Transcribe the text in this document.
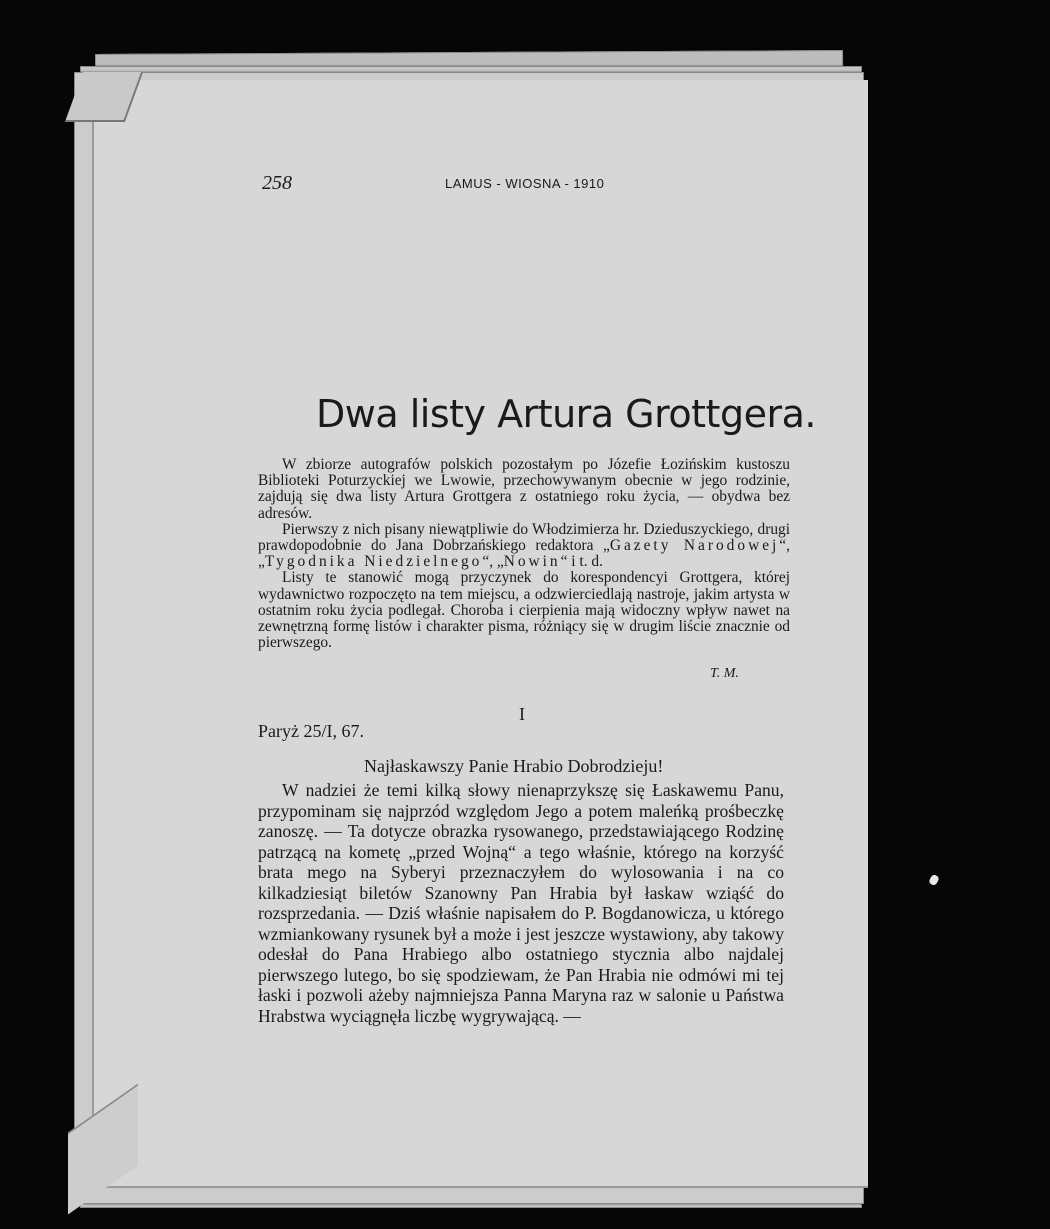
258	LAMUS - WIOSNA - 1910
Dwa listy Artura Grottgera.

W zbiorze autografów polskich pozostałym po Józefie Łozińskim kustoszu Biblioteki Poturzyckiej we Lwowie, przechowywanym obecnie w jego rodzinie, zajdują się dwa listy Artura Grottgera z ostatniego roku życia, — obydwa bez adresów.

Pierwszy z nich pisany niewątpliwie do Włodzimierza hr. Dzieduszyckiego, drugi prawdopodobnie do Jana Dobrzańskiego redaktora „Gazety Narodowej“, „Tygodnika Niedzielnego“, „Nowin“ i t. d.

Listy te stanowić mogą przyczynek do korespondencyi Grottgera, której wydawnictwo rozpoczęto na tem miejscu, a odzwierciedlają nastroje, jakim artysta w ostatnim roku życia podlegał. Choroba i cierpienia mają widoczny wpływ nawet na zewnętrzną formę listów i charakter pisma, różniący się w drugim liście znacznie od pierwszego.

T. M.
I
Paryż 25/I, 67.
Najłaskawszy Panie Hrabio Dobrodzieju!

W nadziei że temi kilką słowy nienaprzykszę się Łaskawemu Panu, przypominam się najprzód względom Jego a potem maleńką prośbeczkę zanoszę. — Ta dotycze obrazka rysowanego, przedstawiającego Rodzinę patrzącą na kometę „przed Wojną“ a tego właśnie, którego na korzyść brata mego na Syberyi przeznaczyłem do wylosowania i na co kilkadziesiąt biletów Szanowny Pan Hrabia był łaskaw wziąść do rozsprzedania. — Dziś właśnie napisałem do P. Bogdanowicza, u którego wzmiankowany rysunek był a może i jest jeszcze wystawiony, aby takowy odesłał do Pana Hrabiego albo ostatniego stycznia albo najdalej pierwszego lutego, bo się spodziewam, że Pan Hrabia nie odmówi mi tej łaski i pozwoli ażeby najmniejsza Panna Maryna raz w salonie u Państwa Hrabstwa wyciągnęła liczbę wygrywającą. —
